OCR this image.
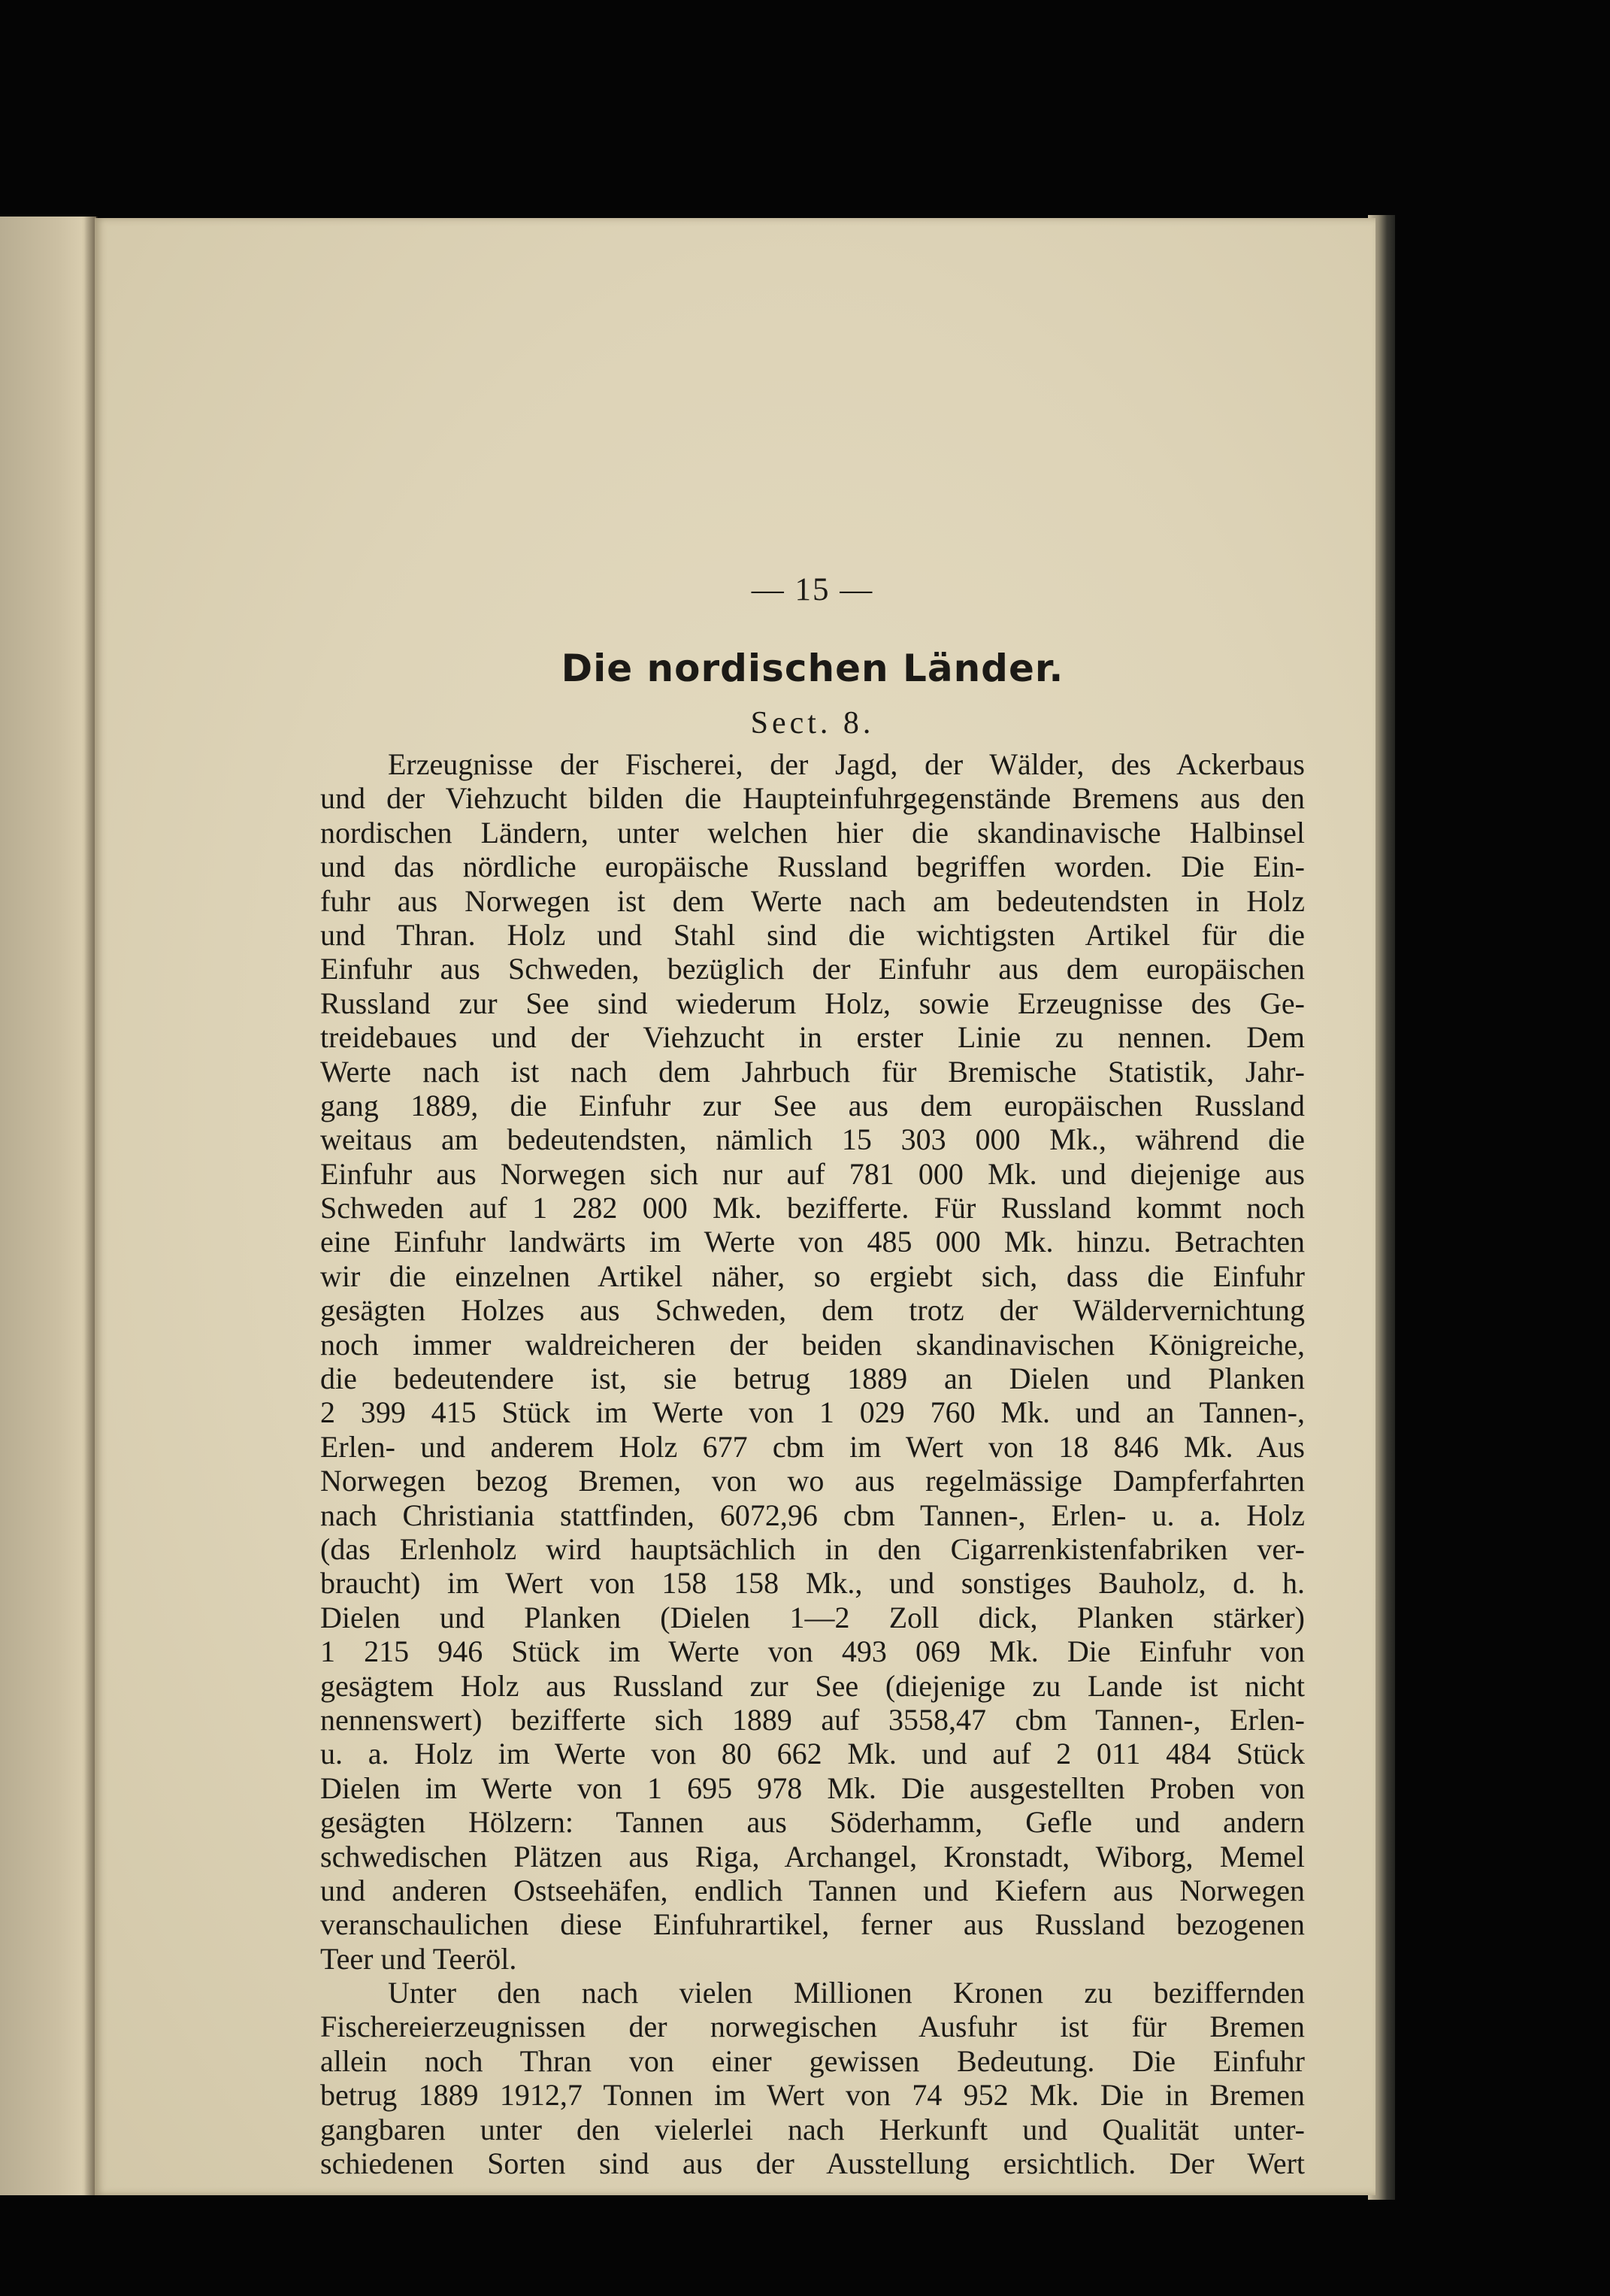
— 15 —
Die nordischen Länder.
Sect. 8.
Erzeugnisse der Fischerei, der Jagd, der Wälder, des Ackerbaus
und der Viehzucht bilden die Haupteinfuhrgegenstände Bremens aus den
nordischen Ländern, unter welchen hier die skandinavische Halbinsel
und das nördliche europäische Russland begriffen worden. Die Ein-
fuhr aus Norwegen ist dem Werte nach am bedeutendsten in Holz
und Thran. Holz und Stahl sind die wichtigsten Artikel für die
Einfuhr aus Schweden, bezüglich der Einfuhr aus dem europäischen
Russland zur See sind wiederum Holz, sowie Erzeugnisse des Ge-
treidebaues und der Viehzucht in erster Linie zu nennen. Dem
Werte nach ist nach dem Jahrbuch für Bremische Statistik, Jahr-
gang 1889, die Einfuhr zur See aus dem europäischen Russland
weitaus am bedeutendsten, nämlich 15 303 000 Mk., während die
Einfuhr aus Norwegen sich nur auf 781 000 Mk. und diejenige aus
Schweden auf 1 282 000 Mk. bezifferte. Für Russland kommt noch
eine Einfuhr landwärts im Werte von 485 000 Mk. hinzu. Betrachten
wir die einzelnen Artikel näher, so ergiebt sich, dass die Einfuhr
gesägten Holzes aus Schweden, dem trotz der Wäldervernichtung
noch immer waldreicheren der beiden skandinavischen Königreiche,
die bedeutendere ist, sie betrug 1889 an Dielen und Planken
2 399 415 Stück im Werte von 1 029 760 Mk. und an Tannen-,
Erlen- und anderem Holz 677 cbm im Wert von 18 846 Mk. Aus
Norwegen bezog Bremen, von wo aus regelmässige Dampferfahrten
nach Christiania stattfinden, 6072,96 cbm Tannen-, Erlen- u. a. Holz
(das Erlenholz wird hauptsächlich in den Cigarrenkistenfabriken ver-
braucht) im Wert von 158 158 Mk., und sonstiges Bauholz, d. h.
Dielen und Planken (Dielen 1—2 Zoll dick, Planken stärker)
1 215 946 Stück im Werte von 493 069 Mk. Die Einfuhr von
gesägtem Holz aus Russland zur See (diejenige zu Lande ist nicht
nennenswert) bezifferte sich 1889 auf 3558,47 cbm Tannen-, Erlen-
u. a. Holz im Werte von 80 662 Mk. und auf 2 011 484 Stück
Dielen im Werte von 1 695 978 Mk. Die ausgestellten Proben von
gesägten Hölzern: Tannen aus Söderhamm, Gefle und andern
schwedischen Plätzen aus Riga, Archangel, Kronstadt, Wiborg, Memel
und anderen Ostseehäfen, endlich Tannen und Kiefern aus Norwegen
veranschaulichen diese Einfuhrartikel, ferner aus Russland bezogenen
Teer und Teeröl.
Unter den nach vielen Millionen Kronen zu beziffernden
Fischereierzeugnissen der norwegischen Ausfuhr ist für Bremen
allein noch Thran von einer gewissen Bedeutung. Die Einfuhr
betrug 1889 1912,7 Tonnen im Wert von 74 952 Mk. Die in Bremen
gangbaren unter den vielerlei nach Herkunft und Qualität unter-
schiedenen Sorten sind aus der Ausstellung ersichtlich. Der Wert
